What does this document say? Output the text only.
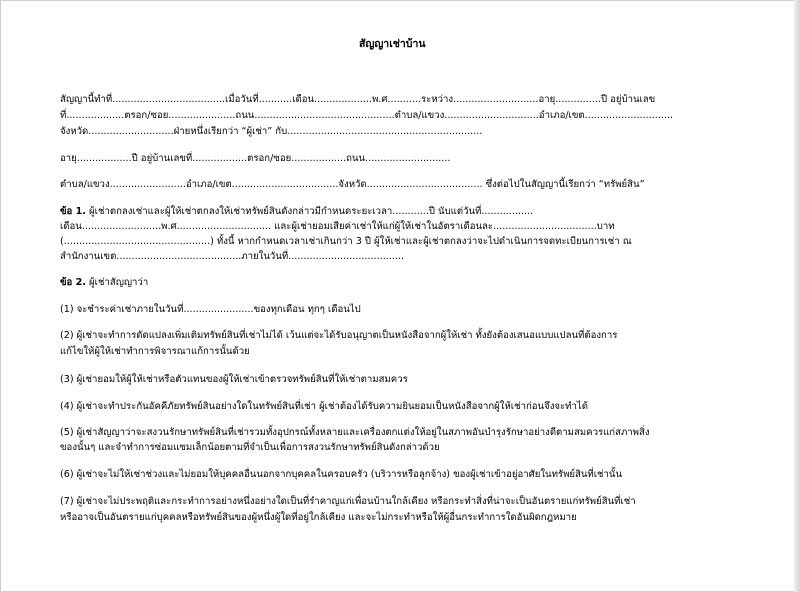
สัญญาเช่าบ้าน
สัญญานี้ทำที่.....................................เมื่อวันที่...........เดือน...................พ.ศ...........ระหว่าง............................อายุ...............ปี อยู่บ้านเลข
ที่...................ตรอก/ซอย......................ถนน..............................................ตำบล/แขวง...............................อำเภอ/เขต.............................
จังหวัด............................ฝ่ายหนึ่งเรียกว่า “ผู้เช่า” กับ................................................................
อายุ..................ปี อยู่บ้านเลขที่..................ตรอก/ซอย..................ถนน............................
ตำบล/แขวง.........................อำเภอ/เขต...................................จังหวัด...................................... ซึ่งต่อไปในสัญญานี้เรียกว่า “ทรัพย์สิน”
ข้อ 1. ผู้เช่าตกลงเช่าและผู้ให้เช่าตกลงให้เช่าทรัพย์สินดังกล่าวมีกำหนดระยะเวลา............ปี นับแต่วันที่.................
เดือน..........................พ.ศ............................... และผู้เช่ายอมเสียค่าเช่าให้แก่ผู้ให้เช่าในอัตราเดือนละ..................................บาท
(................................................) ทั้งนี้ หากกำหนดเวลาเช่าเกินกว่า 3 ปี ผู้ให้เช่าและผู้เช่าตกลงว่าจะไปดำเนินการจดทะเบียนการเช่า ณ
สำนักงานเขต.........................................ภายในวันที่......................................
ข้อ 2. ผู้เช่าสัญญาว่า
(1) จะชำระค่าเช่าภายในวันที่.......................ของทุกเดือน ทุกๆ เดือนไป
(2) ผู้เช่าจะทำการดัดแปลงเพิ่มเติมทรัพย์สินที่เช่าไม่ได้ เว้นแต่จะได้รับอนุญาตเป็นหนังสือจากผู้ให้เช่า ทั้งยังต้องเสนอแบบแปลนที่ต้องการ
แก้ไขให้ผู้ให้เช่าทำการพิจารณาแก้การนั้นด้วย
(3) ผู้เช่ายอมให้ผู้ให้เช่าหรือตัวแทนของผู้ให้เช่าเข้าตรวจทรัพย์สินที่ให้เช่าตามสมควร
(4) ผู้เช่าจะทำประกันอัคคีภัยทรัพย์สินอย่างใดในทรัพย์สินที่เช่า ผู้เช่าต้องได้รับความยินยอมเป็นหนังสือจากผู้ให้เช่าก่อนจึงจะทำได้
(5) ผู้เช่าสัญญาว่าจะสงวนรักษาทรัพย์สินที่เช่ารวมทั้งอุปกรณ์ทั้งหลายและเครื่องตกแต่งให้อยู่ในสภาพอันบำรุงรักษาอย่างดีตามสมควรแก่สภาพสิ่ง
ของนั้นๆ และจำทำการซ่อมแซมเล็กน้อยตามที่จำเป็นเพื่อการสงวนรักษาทรัพย์สินดังกล่าวด้วย
(6) ผู้เช่าจะไม่ให้เช่าช่วงและไม่ยอมให้บุคคลอื่นนอกจากบุคคลในครอบครัว (บริวารหรือลูกจ้าง) ของผู้เช่าเข้าอยู่อาศัยในทรัพย์สินที่เช่านั้น
(7) ผู้เช่าจะไม่ประพฤติและกระทำการอย่างหนึ่งอย่างใดเป็นที่รำคาญแก่เพื่อนบ้านใกล้เคียง หรือกระทำสิ่งที่น่าจะเป็นอันตรายแก่ทรัพย์สินที่เช่า
หรืออาจเป็นอันตรายแก่บุคคลหรือทรัพย์สินของผู้หนึ่งผู้ใดที่อยู่ใกล้เคียง และจะไม่กระทำหรือให้ผู้อื่นกระทำการใดอันผิดกฎหมาย
